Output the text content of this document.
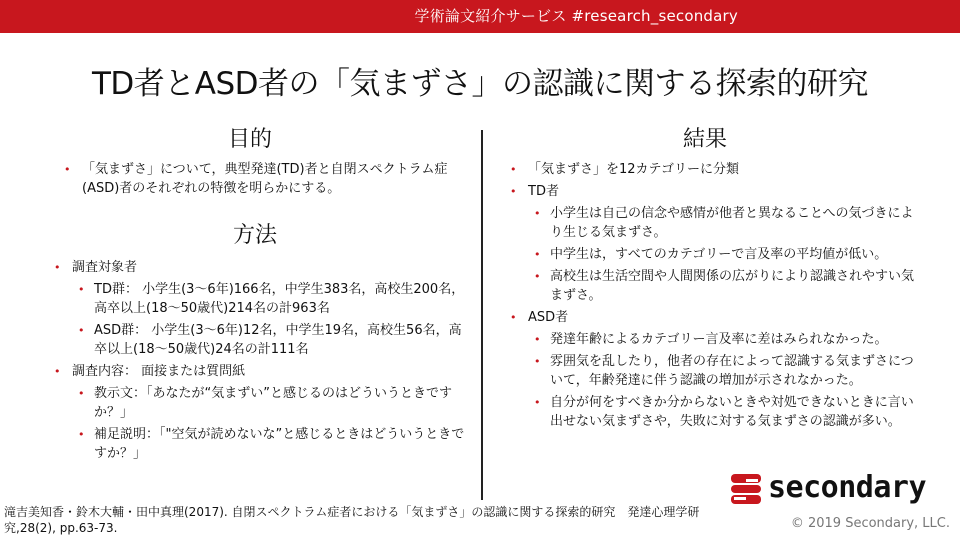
学術論文紹介サービス #research_secondary
TD者とASD者の「気まずさ」の認識に関する探索的研究
目的
• 「気まずさ」について，典型発達(TD)者と自閉スペクトラム症(ASD)者のそれぞれの特徴を明らかにする。
方法
• 調査対象者
• TD群： 小学生(3〜6年)166名，中学生383名，高校生200名，高卒以上(18〜50歳代)214名の計963名
• ASD群： 小学生(3〜6年)12名，中学生19名，高校生56名，高卒以上(18〜50歳代)24名の計111名
• 調査内容： 面接または質問紙
• 教示文：「あなたが“気まずい”と感じるのはどういうときですか？」
• 補足説明：「"空気が読めないな”と感じるときはどういうときですか？」
結果
• 「気まずさ」を12カテゴリーに分類
• TD者
• 小学生は自己の信念や感情が他者と異なることへの気づきにより生じる気まずさ。
• 中学生は，すべてのカテゴリーで言及率の平均値が低い。
• 高校生は生活空間や人間関係の広がりにより認識されやすい気まずさ。
• ASD者
• 発達年齢によるカテゴリー言及率に差はみられなかった。
• 雰囲気を乱したり，他者の存在によって認識する気まずさについて，年齢発達に伴う認識の増加が示されなかった。
• 自分が何をすべきか分からないときや対処できないときに言い出せない気まずさや，失敗に対する気まずさの認識が多い。
滝吉美知香・鈴木大輔・田中真理(2017). 自閉スペクトラム症者における「気まずさ」の認識に関する探索的研究　発達心理学研究,28(2), pp.63-73.
secondary
© 2019 Secondary, LLC.
